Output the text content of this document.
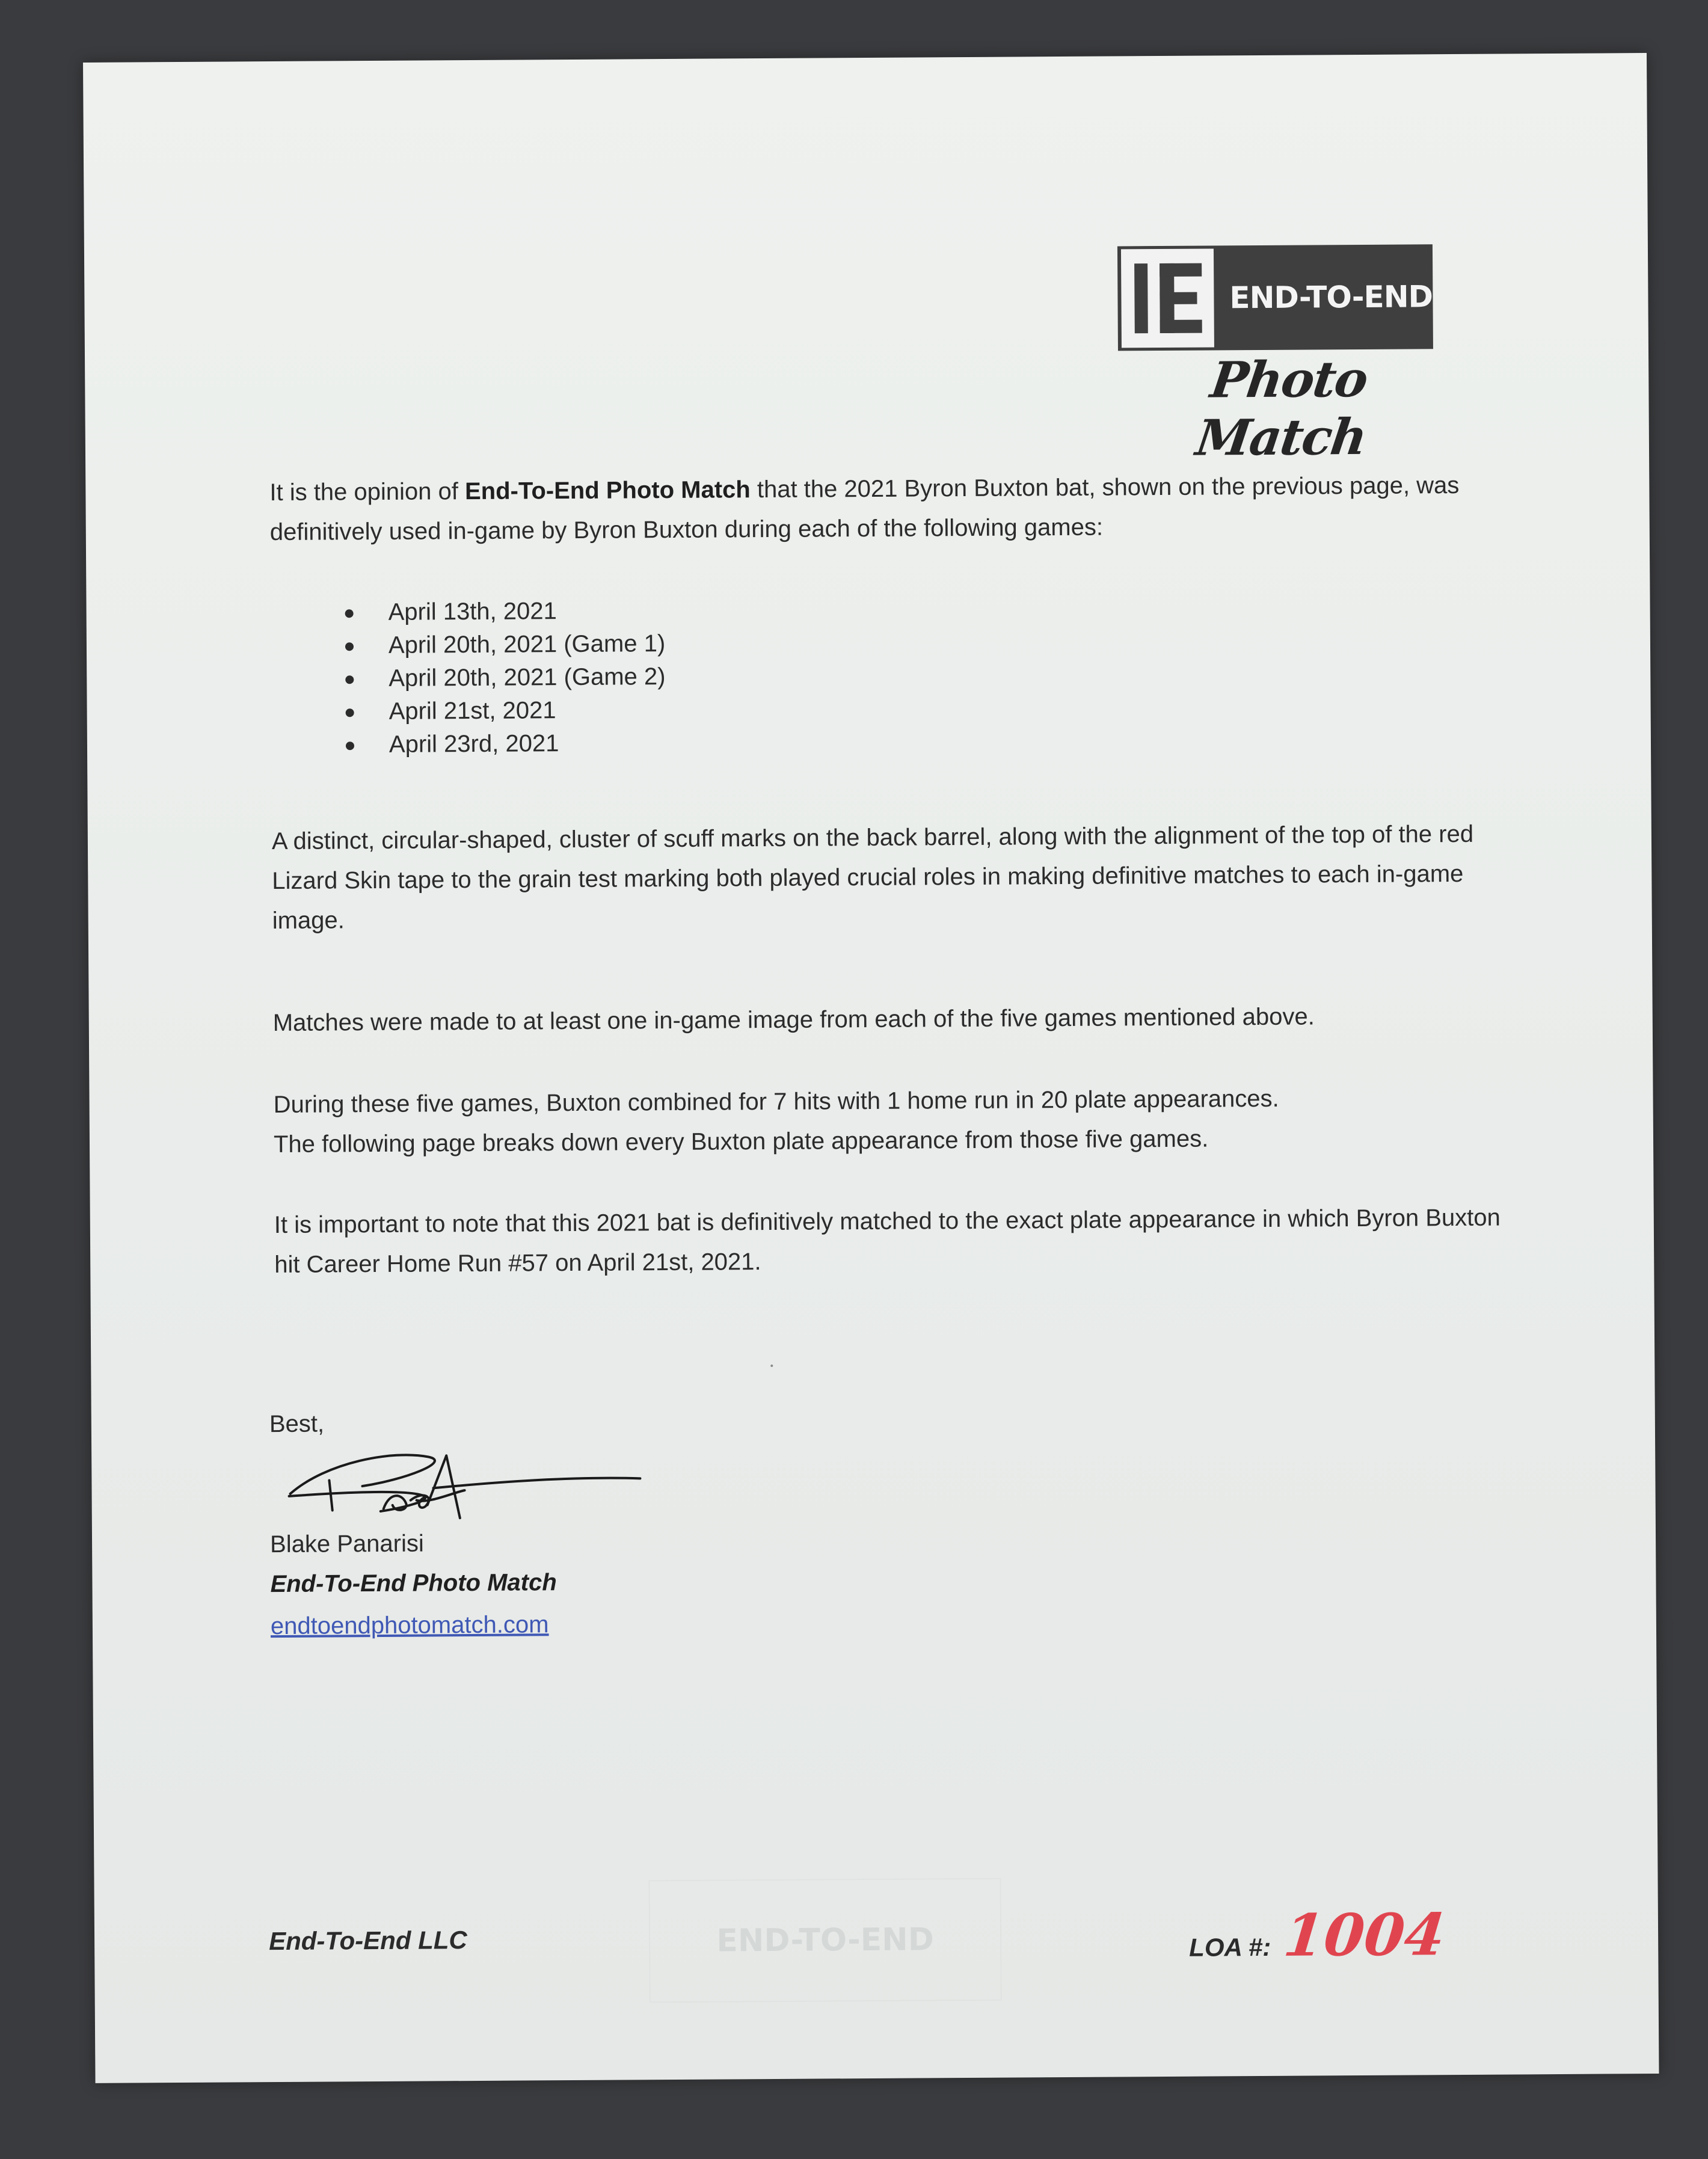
END-TO-END
Photo Match
It is the opinion of End-To-End Photo Match that the 2021 Byron Buxton bat, shown on the previous page, was definitively used in-game by Byron Buxton during each of the following games:
April 13th, 2021
April 20th, 2021 (Game 1)
April 20th, 2021 (Game 2)
April 21st, 2021
April 23rd, 2021
A distinct, circular-shaped, cluster of scuff marks on the back barrel, along with the alignment of the top of the red Lizard Skin tape to the grain test marking both played crucial roles in making definitive matches to each in-game image.
Matches were made to at least one in-game image from each of the five games mentioned above.
During these five games, Buxton combined for 7 hits with 1 home run in 20 plate appearances.
The following page breaks down every Buxton plate appearance from those five games.
It is important to note that this 2021 bat is definitively matched to the exact plate appearance in which Byron Buxton hit Career Home Run #57 on April 21st, 2021.
Best,
Blake Panarisi
End-To-End Photo Match
endtoendphotomatch.com
End-To-End LLC	END-TO-END	LOA #: 1004
